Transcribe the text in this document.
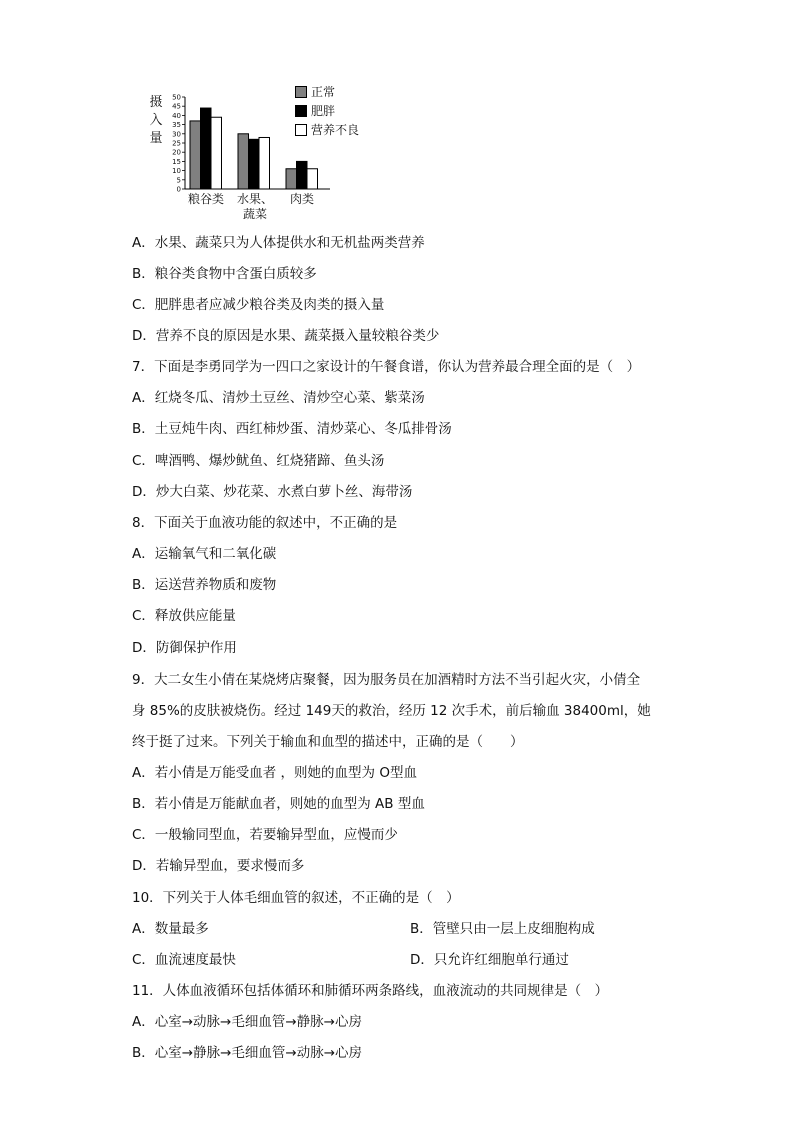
摄入量
50
45
40
35
30
25
20
15
10
5
0
正常
肥胖
营养不良
粮谷类	水果、
蔬菜
肉类
A．水果、蔬菜只为人体提供水和无机盐两类营养
B．粮谷类食物中含蛋白质较多
C．肥胖患者应减少粮谷类及肉类的摄入量
D．营养不良的原因是水果、蔬菜摄入量较粮谷类少
7．下面是李勇同学为一四口之家设计的午餐食谱，你认为营养最合理全面的是（　）
A．红烧冬瓜、清炒土豆丝、清炒空心菜、紫菜汤
B．土豆炖牛肉、西红柿炒蛋、清炒菜心、冬瓜排骨汤
C．啤酒鸭、爆炒鱿鱼、红烧猪蹄、鱼头汤
D．炒大白菜、炒花菜、水煮白萝卜丝、海带汤
8．下面关于血液功能的叙述中，不正确的是
A．运输氧气和二氧化碳
B．运送营养物质和废物
C．释放供应能量
D．防御保护作用
9．大二女生小倩在某烧烤店聚餐，因为服务员在加酒精时方法不当引起火灾，小倩全
身 85%的皮肤被烧伤。经过 149天的救治，经历 12 次手术，前后输血 38400ml，她
终于挺了过来。下列关于输血和血型的描述中，正确的是（　　）
A．若小倩是万能受血者 ，则她的血型为 O型血
B．若小倩是万能献血者，则她的血型为 AB 型血
C．一般输同型血，若要输异型血，应慢而少
D．若输异型血，要求慢而多
10．下列关于人体毛细血管的叙述，不正确的是（　）
A．数量最多	B．管壁只由一层上皮细胞构成
C．血流速度最快	D．只允许红细胞单行通过
11．人体血液循环包括体循环和肺循环两条路线，血液流动的共同规律是（　）
A．心室→动脉→毛细血管→静脉→心房
B．心室→静脉→毛细血管→动脉→心房
